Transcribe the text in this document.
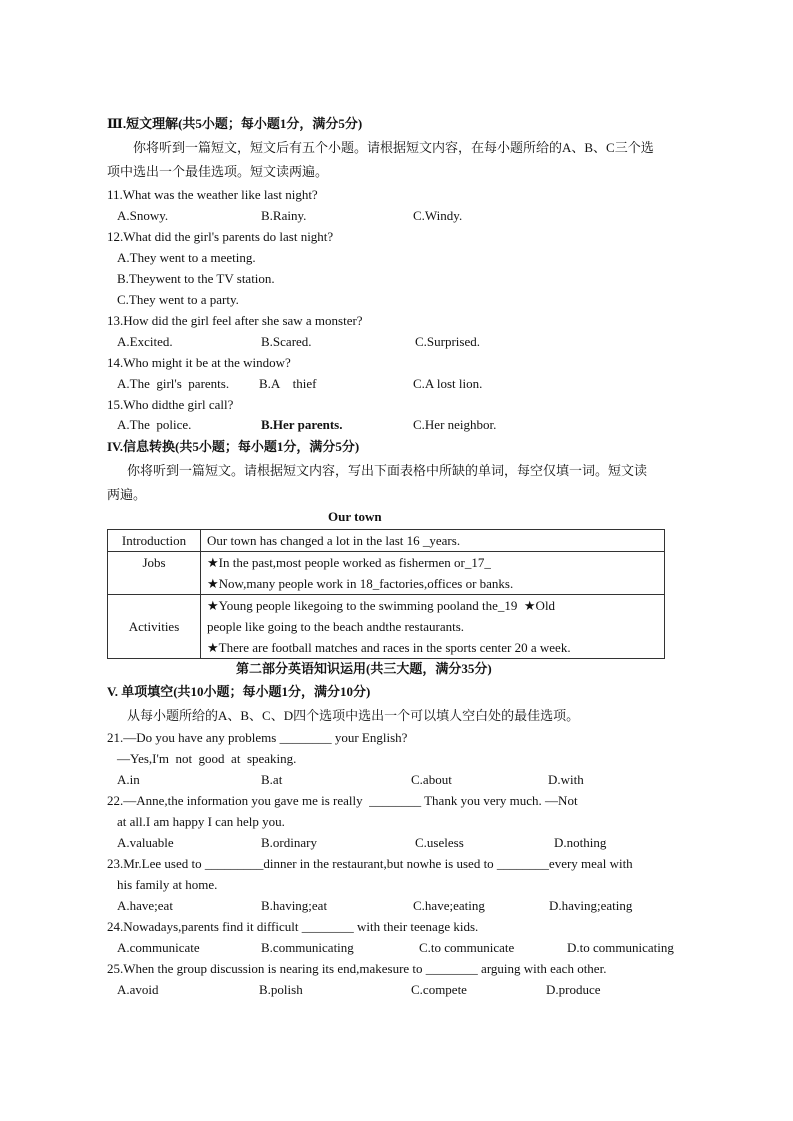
Ⅲ.短文理解(共5小题；每小题1分，满分5分)
你将听到一篇短文，短文后有五个小题。请根据短文内容，在每小题所给的A、B、C三个选
项中选出一个最佳选项。短文读两遍。
11.What was the weather like last night?
A.Snowy.	B.Rainy.	C.Windy.
12.What did the girl's parents do last night?
A.They went to a meeting.
B.Theywent to the TV station.
C.They went to a party.
13.How did the girl feel after she saw a monster?
A.Excited.	B.Scared.	C.Surprised.
14.Who might it be at the window?
A.The  girl's  parents. B.A    thief	C.A lost lion.
15.Who didthe girl call?
A.The  police.	B.Her parents.	C.Her neighbor.
IV.信息转换(共5小题；每小题1分，满分5分)
你将听到一篇短文。请根据短文内容，写出下面表格中所缺的单词，每空仅填一词。短文读
两遍。
Our town
Introduction	Our town has changed a lot in the last 16 _years.

Jobs	★In the past,most people worked as fishermen or_17_
★Now,many people work in 18_factories,offices or banks.

Activities	★Young people likegoing to the swimming pooland the_19  ★Old
people like going to the beach andthe restaurants.
★There are football matches and races in the sports center 20 a week.
第二部分英语知识运用(共三大题，满分35分)
V. 单项填空(共10小题；每小题1分，满分10分)
从每小题所给的A、B、C、D四个选项中选出一个可以填人空白处的最佳选项。
21.—Do you have any problems ________ your English?
—Yes,I'm  not  good  at  speaking.
A.in	B.at	C.about	D.with
22.—Anne,the information you gave me is really  ________ Thank you very much. —Not
at all.I am happy I can help you.
A.valuable	B.ordinary	C.useless	D.nothing
23.Mr.Lee used to _________dinner in the restaurant,but nowhe is used to ________every meal with
his family at home.
A.have;eat	B.having;eat	C.have;eating	D.having;eating
24.Nowadays,parents find it difficult ________ with their teenage kids.
A.communicate	B.communicating	C.to communicate	D.to communicating
25.When the group discussion is nearing its end,makesure to ________ arguing with each other.
A.avoid	B.polish	C.compete	D.produce
